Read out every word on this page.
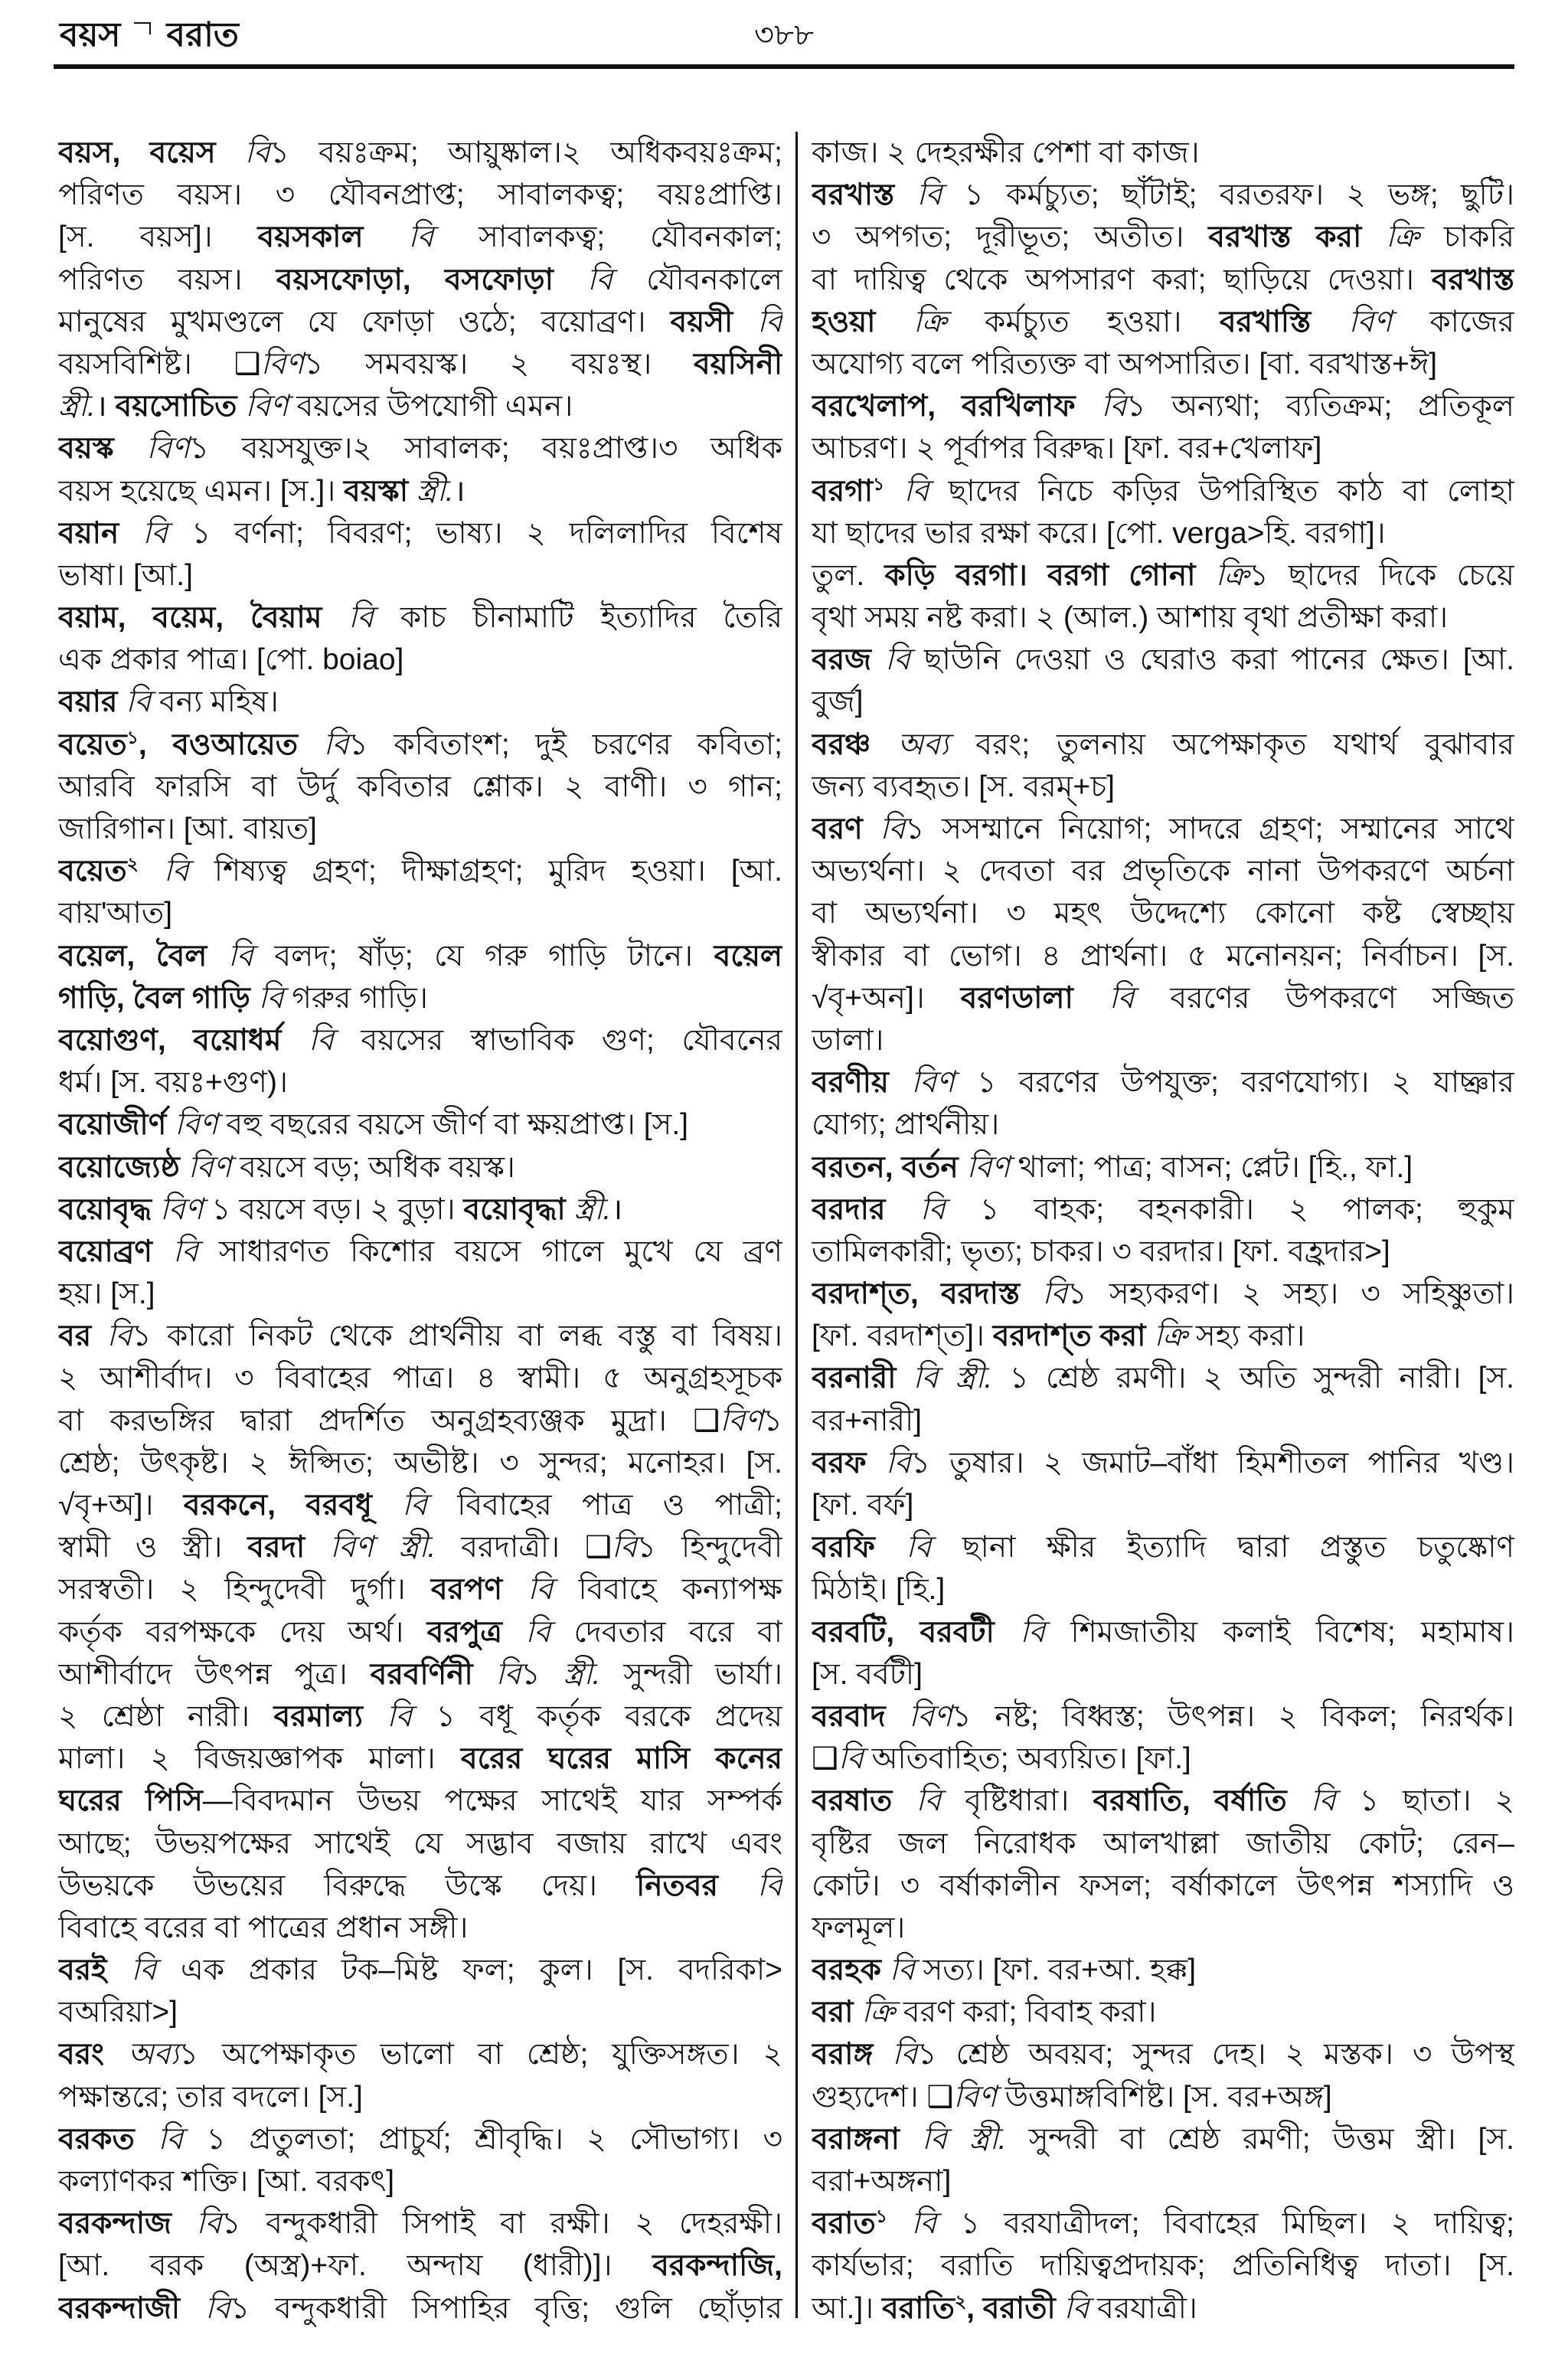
বয়স বরাত	৩৮৮
বয়স, বয়েস বি১ বয়ঃক্রম; আয়ুষ্কাল।২ অধিকবয়ঃক্রম;
পরিণত বয়স। ৩ যৌবনপ্রাপ্ত; সাবালকত্ব; বয়ঃপ্রাপ্তি।
[স. বয়স]। বয়সকাল বি সাবালকত্ব; যৌবনকাল;
পরিণত বয়স। বয়সফোড়া, বসফোড়া বি যৌবনকালে
মানুষের মুখমণ্ডলে যে ফোড়া ওঠে; বয়োব্রণ। বয়সী বি
বয়সবিশিষ্ট। ❑বিণ১ সমবয়স্ক। ২ বয়ঃস্থ। বয়সিনী
স্ত্রী.। বয়সোচিত বিণ বয়সের উপযোগী এমন।
বয়স্ক বিণ১ বয়সযুক্ত।২ সাবালক; বয়ঃপ্রাপ্ত।৩ অধিক
বয়স হয়েছে এমন। [স.]। বয়স্কা স্ত্রী.।
বয়ান বি ১ বর্ণনা; বিবরণ; ভাষ্য। ২ দলিলাদির বিশেষ
ভাষা। [আ.]
বয়াম, বয়েম, বৈয়াম বি কাচ চীনামাটি ইত্যাদির তৈরি
এক প্রকার পাত্র। [পো. boiao]
বয়ার বি বন্য মহিষ।
বয়েত$^১$, বওআয়েত বি১ কবিতাংশ; দুই চরণের কবিতা;
আরবি ফারসি বা উর্দু কবিতার শ্লোক। ২ বাণী। ৩ গান;
জারিগান। [আ. বায়ত]
বয়েত$^২$ বি শিষ্যত্ব গ্রহণ; দীক্ষাগ্রহণ; মুরিদ হওয়া। [আ.
বায়'আত]
বয়েল, বৈল বি বলদ; ষাঁড়; যে গরু গাড়ি টানে। বয়েল
গাড়ি, বৈল গাড়ি বি গরুর গাড়ি।
বয়োগুণ, বয়োধর্ম বি বয়সের স্বাভাবিক গুণ; যৌবনের
ধর্ম। [স. বয়ঃ+গুণ)।
বয়োজীর্ণ বিণ বহু বছরের বয়সে জীর্ণ বা ক্ষয়প্রাপ্ত। [স.]
বয়োজ্যেষ্ঠ বিণ বয়সে বড়; অধিক বয়স্ক।
বয়োবৃদ্ধ বিণ ১ বয়সে বড়। ২ বুড়া। বয়োবৃদ্ধা স্ত্রী.।
বয়োব্রণ বি সাধারণত কিশোর বয়সে গালে মুখে যে ব্রণ
হয়। [স.]
বর বি১ কারো নিকট থেকে প্রার্থনীয় বা লব্ধ বস্তু বা বিষয়।
২ আশীর্বাদ। ৩ বিবাহের পাত্র। ৪ স্বামী। ৫ অনুগ্রহসূচক
বা করভঙ্গির দ্বারা প্রদর্শিত অনুগ্রহব্যঞ্জক মুদ্রা। ❑বিণ১
শ্রেষ্ঠ; উৎকৃষ্ট। ২ ঈপ্সিত; অভীষ্ট। ৩ সুন্দর; মনোহর। [স.
√বৃ+অ]। বরকনে, বরবধূ বি বিবাহের পাত্র ও পাত্রী;
স্বামী ও স্ত্রী। বরদা বিণ স্ত্রী. বরদাত্রী। ❑বি১ হিন্দুদেবী
সরস্বতী। ২ হিন্দুদেবী দুর্গা। বরপণ বি বিবাহে কন্যাপক্ষ
কর্তৃক বরপক্ষকে দেয় অর্থ। বরপুত্র বি দেবতার বরে বা
আশীর্বাদে উৎপন্ন পুত্র। বরবর্ণিনী বি১ স্ত্রী. সুন্দরী ভার্যা।
২ শ্রেষ্ঠা নারী। বরমাল্য বি ১ বধূ কর্তৃক বরকে প্রদেয়
মালা। ২ বিজয়জ্ঞাপক মালা। বরের ঘরের মাসি কনের
ঘরের পিসি—বিবদমান উভয় পক্ষের সাথেই যার সম্পর্ক
আছে; উভয়পক্ষের সাথেই যে সদ্ভাব বজায় রাখে এবং
উভয়কে উভয়ের বিরুদ্ধে উস্কে দেয়। নিতবর বি
বিবাহে বরের বা পাত্রের প্রধান সঙ্গী।
বরই বি এক প্রকার টক–মিষ্ট ফল; কুল। [স. বদরিকা>
বঅরিয়া>]
বরং অব্য১ অপেক্ষাকৃত ভালো বা শ্রেষ্ঠ; যুক্তিসঙ্গত। ২
পক্ষান্তরে; তার বদলে। [স.]
বরকত বি ১ প্রতুলতা; প্রাচুর্য; শ্রীবৃদ্ধি। ২ সৌভাগ্য। ৩
কল্যাণকর শক্তি। [আ. বরকৎ]
বরকন্দাজ বি১ বন্দুকধারী সিপাই বা রক্ষী। ২ দেহরক্ষী।
[আ. বরক (অস্ত্র)+ফা. অন্দায (ধারী)]। বরকন্দাজি,
বরকন্দাজী বি১ বন্দুকধারী সিপাহির বৃত্তি; গুলি ছোঁড়ার
কাজ। ২ দেহরক্ষীর পেশা বা কাজ।
বরখাস্ত বি ১ কর্মচ্যুত; ছাঁটাই; বরতরফ। ২ ভঙ্গ; ছুটি।
৩ অপগত; দূরীভূত; অতীত। বরখাস্ত করা ক্রি চাকরি
বা দায়িত্ব থেকে অপসারণ করা; ছাড়িয়ে দেওয়া। বরখাস্ত
হওয়া ক্রি কর্মচ্যুত হওয়া। বরখাস্তি বিণ কাজের
অযোগ্য বলে পরিত্যক্ত বা অপসারিত। [বা. বরখাস্ত+ঈ]
বরখেলাপ, বরখিলাফ বি১ অন্যথা; ব্যতিক্রম; প্রতিকূল
আচরণ। ২ পূর্বাপর বিরুদ্ধ। [ফা. বর+খেলাফ]
বরগা$^১$ বি ছাদের নিচে কড়ির উপরিস্থিত কাঠ বা লোহা
যা ছাদের ভার রক্ষা করে। [পো. verga>হি. বরগা]।
তুল. কড়ি বরগা। বরগা গোনা ক্রি১ ছাদের দিকে চেয়ে
বৃথা সময় নষ্ট করা। ২ (আল.) আশায় বৃথা প্রতীক্ষা করা।
বরজ বি ছাউনি দেওয়া ও ঘেরাও করা পানের ক্ষেত। [আ.
বুর্জ]
বরঞ্চ অব্য বরং; তুলনায় অপেক্ষাকৃত যথার্থ বুঝাবার
জন্য ব্যবহৃত। [স. বরম্+চ]
বরণ বি১ সসম্মানে নিয়োগ; সাদরে গ্রহণ; সম্মানের সাথে
অভ্যর্থনা। ২ দেবতা বর প্রভৃতিকে নানা উপকরণে অর্চনা
বা অভ্যর্থনা। ৩ মহৎ উদ্দেশ্যে কোনো কষ্ট স্বেচ্ছায়
স্বীকার বা ভোগ। ৪ প্রার্থনা। ৫ মনোনয়ন; নির্বাচন। [স.
√বৃ+অন]। বরণডালা বি বরণের উপকরণে সজ্জিত
ডালা।
বরণীয় বিণ ১ বরণের উপযুক্ত; বরণযোগ্য। ২ যাচ্ঞার
যোগ্য; প্রার্থনীয়।
বরতন, বর্তন বিণ থালা; পাত্র; বাসন; প্লেট। [হি., ফা.]
বরদার বি ১ বাহক; বহনকারী। ২ পালক; হুকুম
তামিলকারী; ভৃত্য; চাকর। ৩ বরদার। [ফা. বহ্রদার>]
বরদাশ্‌ত, বরদাস্ত বি১ সহ্যকরণ। ২ সহ্য। ৩ সহিষ্ণুতা।
[ফা. বরদাশ্‌ত]। বরদাশ্‌ত করা ক্রি সহ্য করা।
বরনারী বি স্ত্রী. ১ শ্রেষ্ঠ রমণী। ২ অতি সুন্দরী নারী। [স.
বর+নারী]
বরফ বি১ তুষার। ২ জমাট–বাঁধা হিমশীতল পানির খণ্ড।
[ফা. বর্ফ]
বরফি বি ছানা ক্ষীর ইত্যাদি দ্বারা প্রস্তুত চতুষ্কোণ
মিঠাই। [হি.]
বরবটি, বরবটী বি শিমজাতীয় কলাই বিশেষ; মহামাষ।
[স. বর্বটী]
বরবাদ বিণ১ নষ্ট; বিধ্বস্ত; উৎপন্ন। ২ বিকল; নিরর্থক।
❑বি অতিবাহিত; অব্যয়িত। [ফা.]
বরষাত বি বৃষ্টিধারা। বরষাতি, বর্ষাতি বি ১ ছাতা। ২
বৃষ্টির জল নিরোধক আলখাল্লা জাতীয় কোট; রেন–
কোট। ৩ বর্ষাকালীন ফসল; বর্ষাকালে উৎপন্ন শস্যাদি ও
ফলমূল।
বরহক বি সত্য। [ফা. বর+আ. হক্ক]
বরা ক্রি বরণ করা; বিবাহ করা।
বরাঙ্গ বি১ শ্রেষ্ঠ অবয়ব; সুন্দর দেহ। ২ মস্তক। ৩ উপস্থ
গুহ্যদেশ। ❑বিণ উত্তমাঙ্গবিশিষ্ট। [স. বর+অঙ্গ]
বরাঙ্গনা বি স্ত্রী. সুন্দরী বা শ্রেষ্ঠ রমণী; উত্তম স্ত্রী। [স.
বরা+অঙ্গনা]
বরাত$^১$ বি ১ বরযাত্রীদল; বিবাহের মিছিল। ২ দায়িত্ব;
কার্যভার; বরাতি দায়িত্বপ্রদায়ক; প্রতিনিধিত্ব দাতা। [স.
আ.]। বরাতি$^২$, বরাতী বি বরযাত্রী।
